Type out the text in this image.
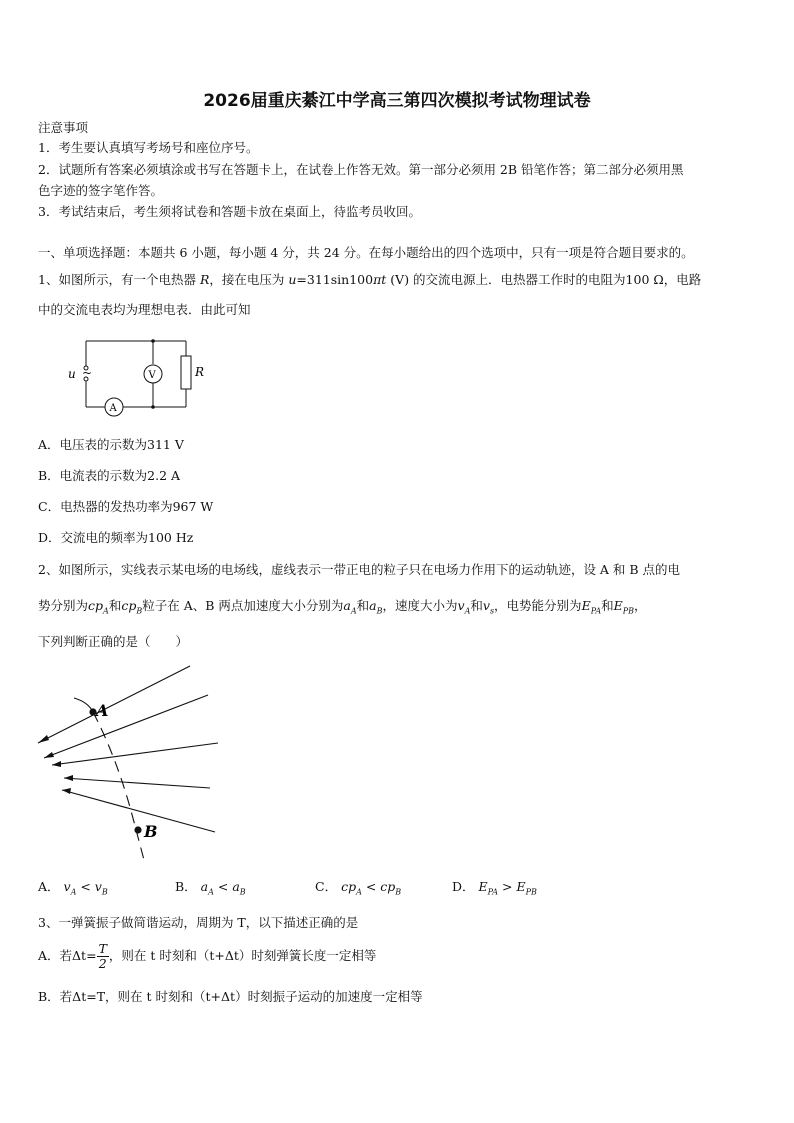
2026届重庆綦江中学高三第四次模拟考试物理试卷
注意事项
1．考生要认真填写考场号和座位序号。
2．试题所有答案必须填涂或书写在答题卡上，在试卷上作答无效。第一部分必须用 2B 铅笔作答；第二部分必须用黑
色字迹的签字笔作答。
3．考试结束后，考生须将试卷和答题卡放在桌面上，待监考员收回。
一、单项选择题：本题共 6 小题，每小题 4 分，共 24 分。在每小题给出的四个选项中，只有一项是符合题目要求的。
1、如图所示，有一个电热器 R，接在电压为 u=311sin100πt (V) 的交流电源上．电热器工作时的电阻为100 Ω，电路
中的交流电表均为理想电表．由此可知
u ~	V
A
R
A．电压表的示数为311 V
B．电流表的示数为2.2 A
C．电热器的发热功率为967 W
D．交流电的频率为100 Hz
2、如图所示，实线表示某电场的电场线，虚线表示一带正电的粒子只在电场力作用下的运动轨迹，设 A 和 B 点的电
势分别为$cp_A$和$cp_B$粒子在 A、B 两点加速度大小分别为$a_A$和$a_B$，速度大小为$v_A$和$v_s$，电势能分别为$E_{PA}$和$E_{PB}$，
下列判断正确的是（　　）
A
B
A． $v_A < v_B$	B． $a_A < a_B$	C． $cp_A < cp_B$	D． $E_{PA} > E_{PB}$
3、一弹簧振子做简谐运动，周期为 T，以下描述正确的是
A．若$\Delta t= \frac{T}{2}$ ，则在 t 时刻和（t+Δt）时刻弹簧长度一定相等
B．若Δt=T，则在 t 时刻和（t+Δt）时刻振子运动的加速度一定相等
